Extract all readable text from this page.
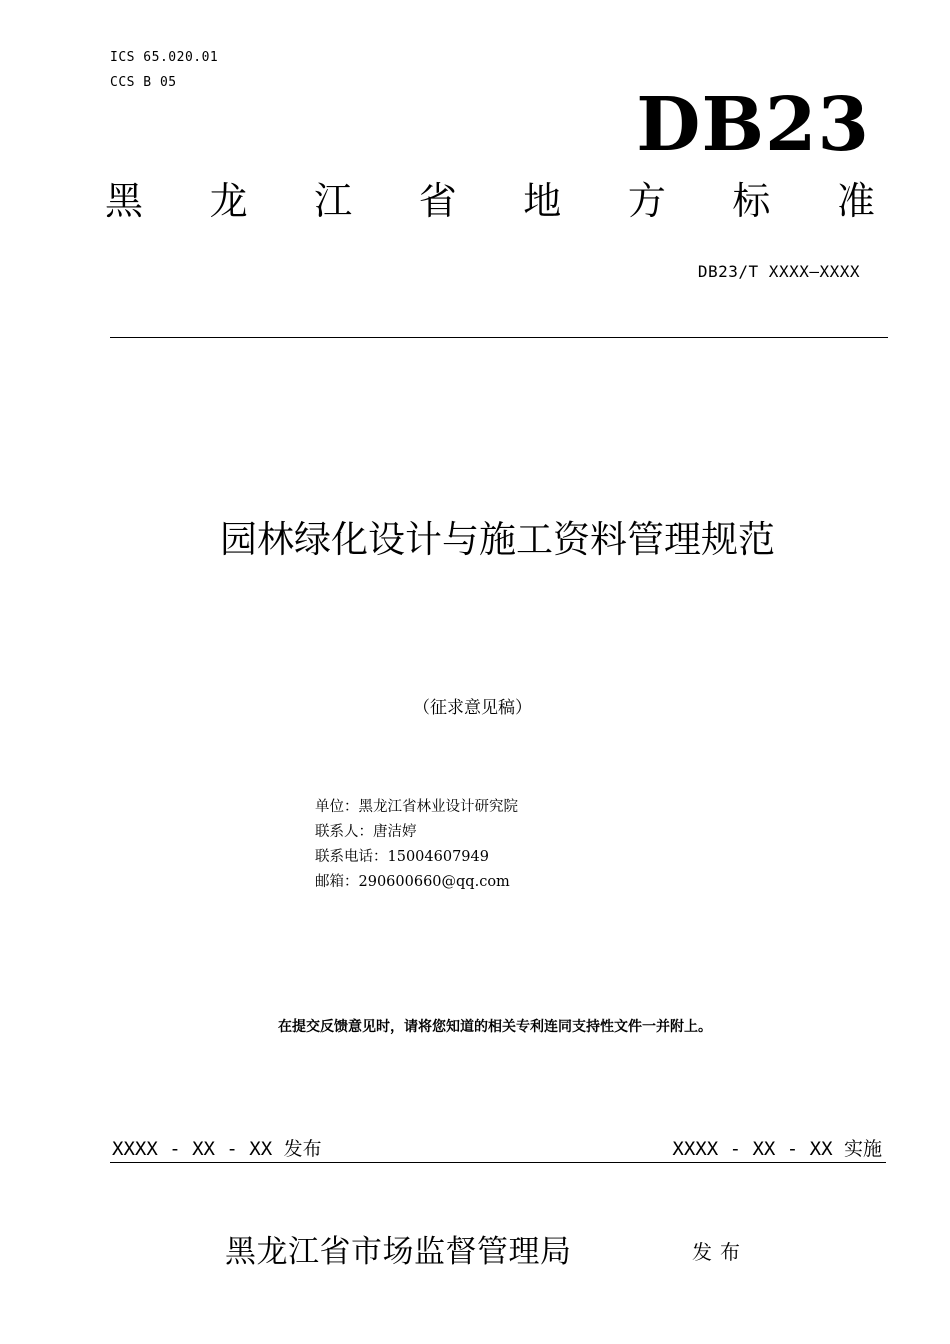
ICS 65.020.01
CCS B 05	DB23
黑 龙 江 省 地 方 标 准
DB23/T XXXX—XXXX
园林绿化设计与施工资料管理规范
（征求意见稿）
单位：黑龙江省林业设计研究院
联系人：唐洁婷
联系电话：15004607949
邮箱：290600660@qq.com
在提交反馈意见时，请将您知道的相关专利连同支持性文件一并附上。
XXXX - XX - XX 发布	XXXX - XX - XX 实施
黑龙江省市场监督管理局	发布
